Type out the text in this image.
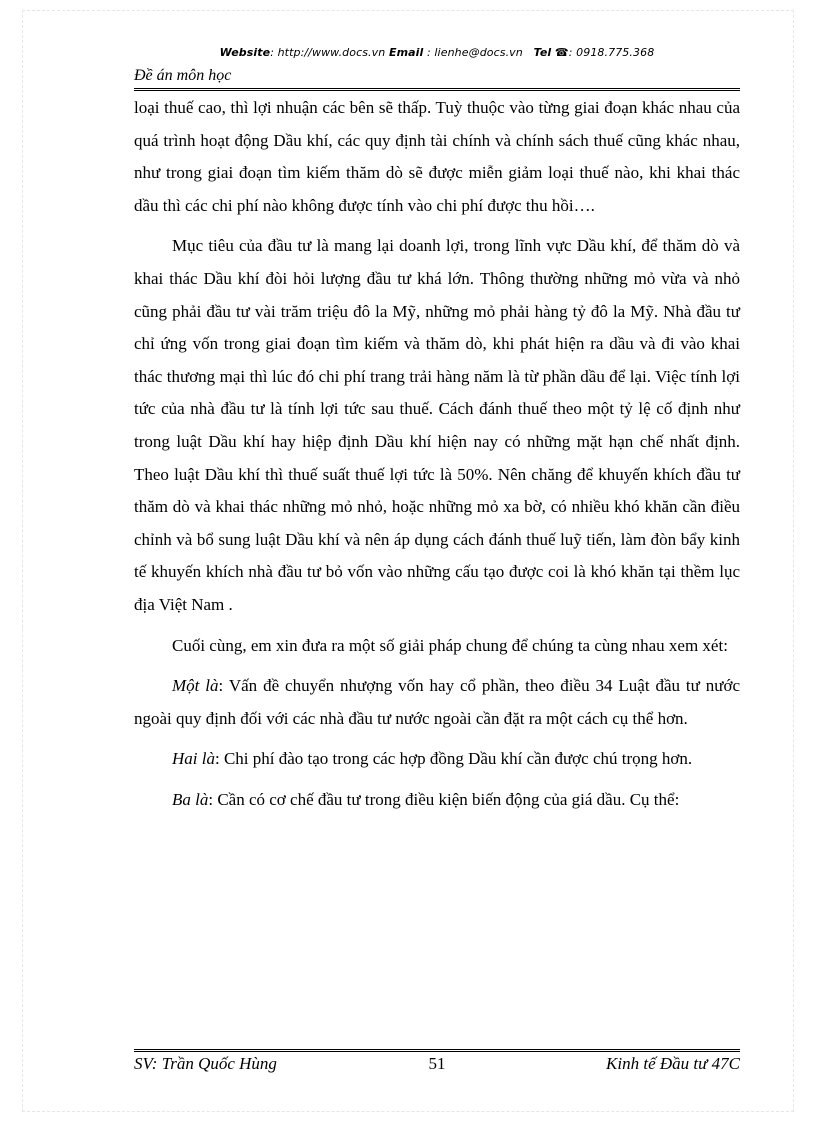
Website: http://www.docs.vn Email : lienhe@docs.vn Tel ☎: 0918.775.368
Đề án môn học

loại thuế cao, thì lợi nhuận các bên sẽ thấp. Tuỳ thuộc vào từng giai đoạn khác nhau của quá trình hoạt động Dầu khí, các quy định tài chính và chính sách thuế cũng khác nhau, như trong giai đoạn tìm kiếm thăm dò sẽ được miễn giảm loại thuế nào, khi khai thác dầu thì các chi phí nào không được tính vào chi phí được thu hồi….

Mục tiêu của đầu tư là mang lại doanh lợi, trong lĩnh vực Dầu khí, để thăm dò và khai thác Dầu khí đòi hỏi lượng đầu tư khá lớn. Thông thường những mỏ vừa và nhỏ cũng phải đầu tư vài trăm triệu đô la Mỹ, những mỏ phải hàng tỷ đô la Mỹ. Nhà đầu tư chỉ ứng vốn trong giai đoạn tìm kiếm và thăm dò, khi phát hiện ra dầu và đi vào khai thác thương mại thì lúc đó chi phí trang trải hàng năm là từ phần dầu để lại. Việc tính lợi tức của nhà đầu tư là tính lợi tức sau thuế. Cách đánh thuế theo một tỷ lệ cố định như trong luật Dầu khí hay hiệp định Dầu khí hiện nay có những mặt hạn chế nhất định. Theo luật Dầu khí thì thuế suất thuế lợi tức là 50%. Nên chăng để khuyến khích đầu tư thăm dò và khai thác những mỏ nhỏ, hoặc những mỏ xa bờ, có nhiều khó khăn cần điều chỉnh và bổ sung luật Dầu khí và nên áp dụng cách đánh thuế luỹ tiến, làm đòn bẩy kinh tế khuyến khích nhà đầu tư bỏ vốn vào những cấu tạo được coi là khó khăn tại thềm lục địa Việt Nam .

Cuối cùng, em xin đưa ra một số giải pháp chung để chúng ta cùng nhau xem xét:

Một là: Vấn đề chuyển nhượng vốn hay cổ phần, theo điều 34 Luật đầu tư nước ngoài quy định đối với các nhà đầu tư nước ngoài cần đặt ra một cách cụ thể hơn.

Hai là: Chi phí đào tạo trong các hợp đồng Dầu khí cần được chú trọng hơn.

Ba là: Cần có cơ chế đầu tư trong điều kiện biến động của giá dầu. Cụ thể:

SV: Trần Quốc Hùng	51	Kinh tế Đầu tư 47C
